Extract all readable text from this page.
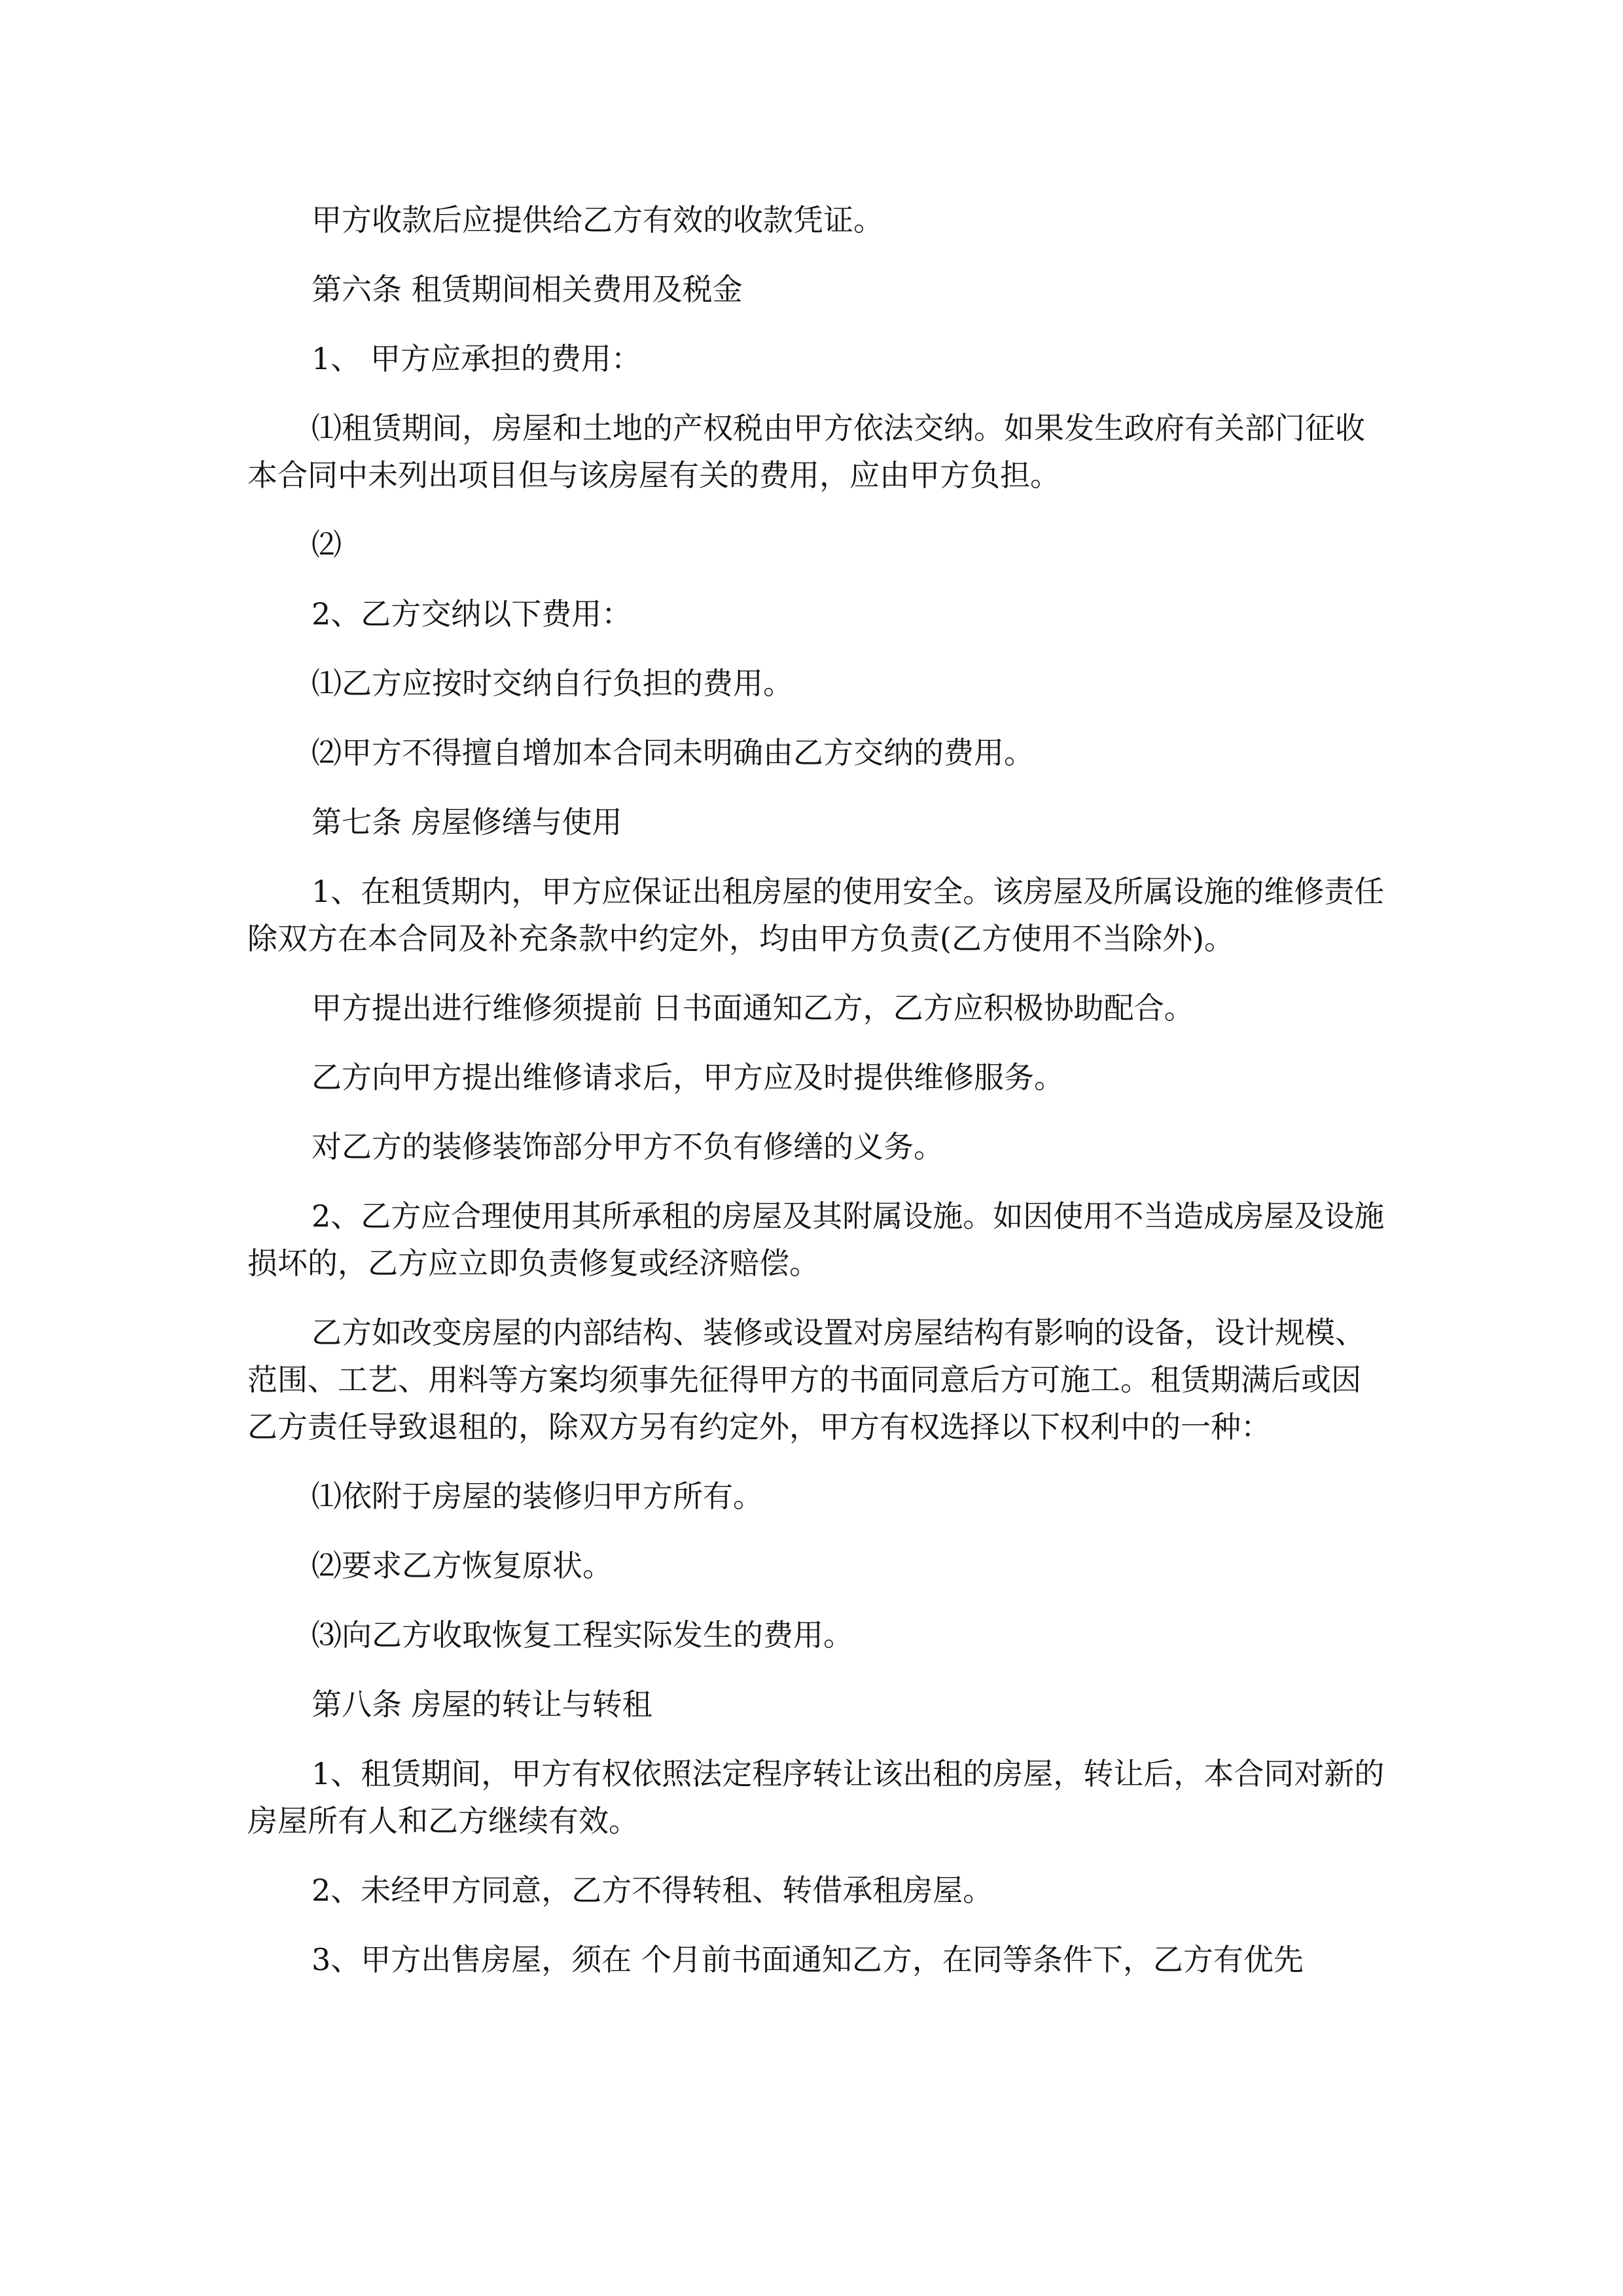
甲方收款后应提供给乙方有效的收款凭证。

第六条 租赁期间相关费用及税金

1、 甲方应承担的费用：

⑴租赁期间，房屋和土地的产权税由甲方依法交纳。如果发生政府有关部门征收本合同中未列出项目但与该房屋有关的费用，应由甲方负担。

⑵

2、乙方交纳以下费用：

⑴乙方应按时交纳自行负担的费用。

⑵甲方不得擅自增加本合同未明确由乙方交纳的费用。

第七条 房屋修缮与使用

1、在租赁期内，甲方应保证出租房屋的使用安全。该房屋及所属设施的维修责任除双方在本合同及补充条款中约定外，均由甲方负责(乙方使用不当除外)。

甲方提出进行维修须提前 日书面通知乙方，乙方应积极协助配合。

乙方向甲方提出维修请求后，甲方应及时提供维修服务。

对乙方的装修装饰部分甲方不负有修缮的义务。

2、乙方应合理使用其所承租的房屋及其附属设施。如因使用不当造成房屋及设施损坏的，乙方应立即负责修复或经济赔偿。

乙方如改变房屋的内部结构、装修或设置对房屋结构有影响的设备，设计规模、范围、工艺、用料等方案均须事先征得甲方的书面同意后方可施工。租赁期满后或因乙方责任导致退租的，除双方另有约定外，甲方有权选择以下权利中的一种：

⑴依附于房屋的装修归甲方所有。

⑵要求乙方恢复原状。

⑶向乙方收取恢复工程实际发生的费用。

第八条 房屋的转让与转租

1、租赁期间，甲方有权依照法定程序转让该出租的房屋，转让后，本合同对新的房屋所有人和乙方继续有效。

2、未经甲方同意，乙方不得转租、转借承租房屋。

3、甲方出售房屋，须在 个月前书面通知乙方，在同等条件下，乙方有优先
